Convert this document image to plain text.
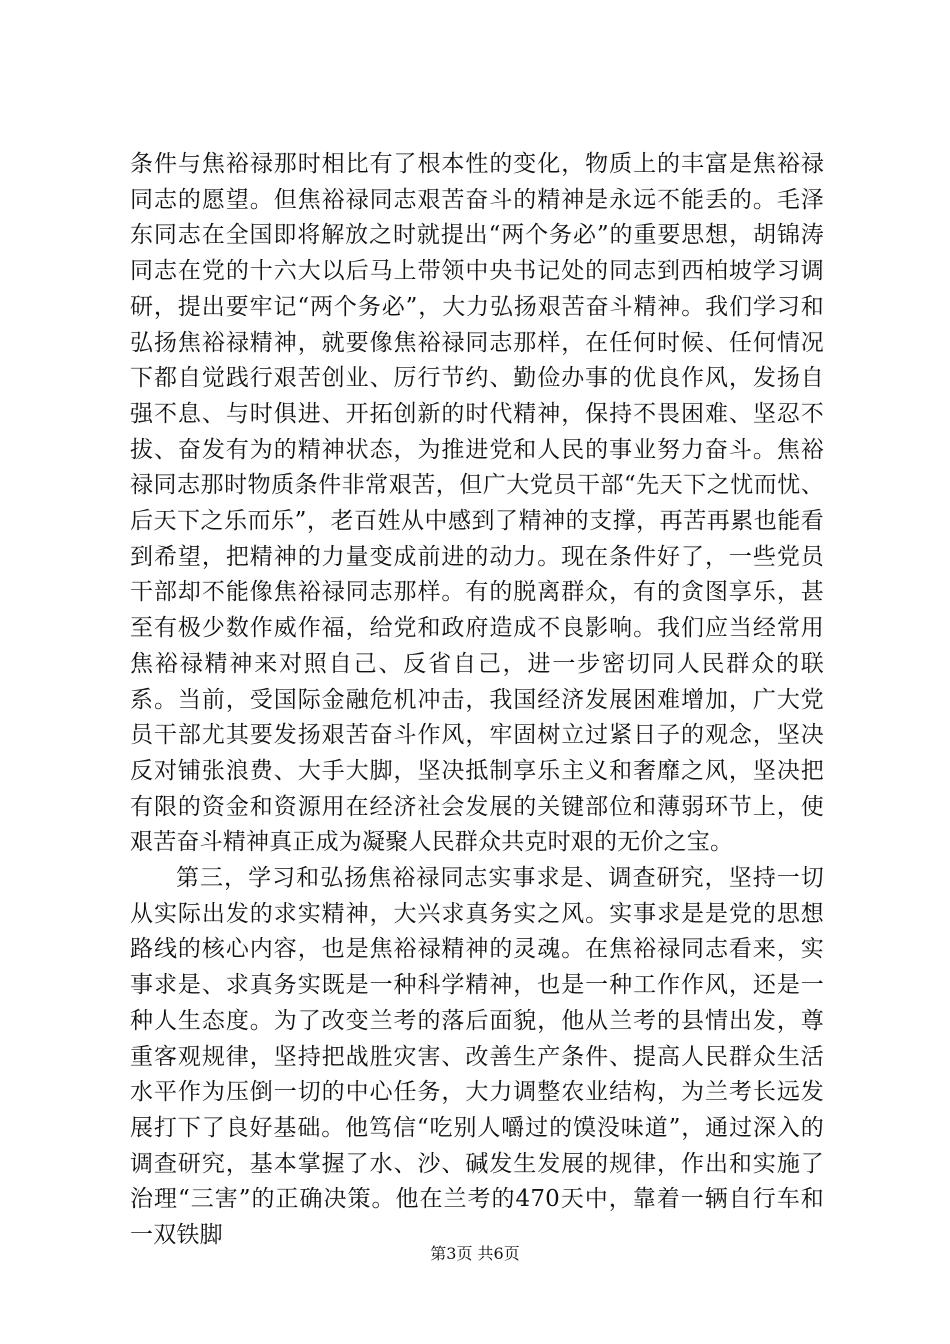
条件与焦裕禄那时相比有了根本性的变化，物质上的丰富是焦裕禄同志的愿望。但焦裕禄同志艰苦奋斗的精神是永远不能丢的。毛泽东同志在全国即将解放之时就提出“两个务必”的重要思想，胡锦涛同志在党的十六大以后马上带领中央书记处的同志到西柏坡学习调研，提出要牢记“两个务必”，大力弘扬艰苦奋斗精神。我们学习和弘扬焦裕禄精神，就要像焦裕禄同志那样，在任何时候、任何情况下都自觉践行艰苦创业、厉行节约、勤俭办事的优良作风，发扬自强不息、与时俱进、开拓创新的时代精神，保持不畏困难、坚忍不拔、奋发有为的精神状态，为推进党和人民的事业努力奋斗。焦裕禄同志那时物质条件非常艰苦，但广大党员干部“先天下之忧而忧、后天下之乐而乐”，老百姓从中感到了精神的支撑，再苦再累也能看到希望，把精神的力量变成前进的动力。现在条件好了，一些党员干部却不能像焦裕禄同志那样。有的脱离群众，有的贪图享乐，甚至有极少数作威作福，给党和政府造成不良影响。我们应当经常用焦裕禄精神来对照自己、反省自己，进一步密切同人民群众的联系。当前，受国际金融危机冲击，我国经济发展困难增加，广大党员干部尤其要发扬艰苦奋斗作风，牢固树立过紧日子的观念，坚决反对铺张浪费、大手大脚，坚决抵制享乐主义和奢靡之风，坚决把有限的资金和资源用在经济社会发展的关键部位和薄弱环节上，使艰苦奋斗精神真正成为凝聚人民群众共克时艰的无价之宝。

第三，学习和弘扬焦裕禄同志实事求是、调查研究，坚持一切从实际出发的求实精神，大兴求真务实之风。实事求是是党的思想路线的核心内容，也是焦裕禄精神的灵魂。在焦裕禄同志看来，实事求是、求真务实既是一种科学精神，也是一种工作作风，还是一种人生态度。为了改变兰考的落后面貌，他从兰考的县情出发，尊重客观规律，坚持把战胜灾害、改善生产条件、提高人民群众生活水平作为压倒一切的中心任务，大力调整农业结构，为兰考长远发展打下了良好基础。他笃信“吃别人嚼过的馍没味道”，通过深入的调查研究，基本掌握了水、沙、碱发生发展的规律，作出和实施了治理“三害”的正确决策。他在兰考的470天中，靠着一辆自行车和一双铁脚

第3页 共6页
